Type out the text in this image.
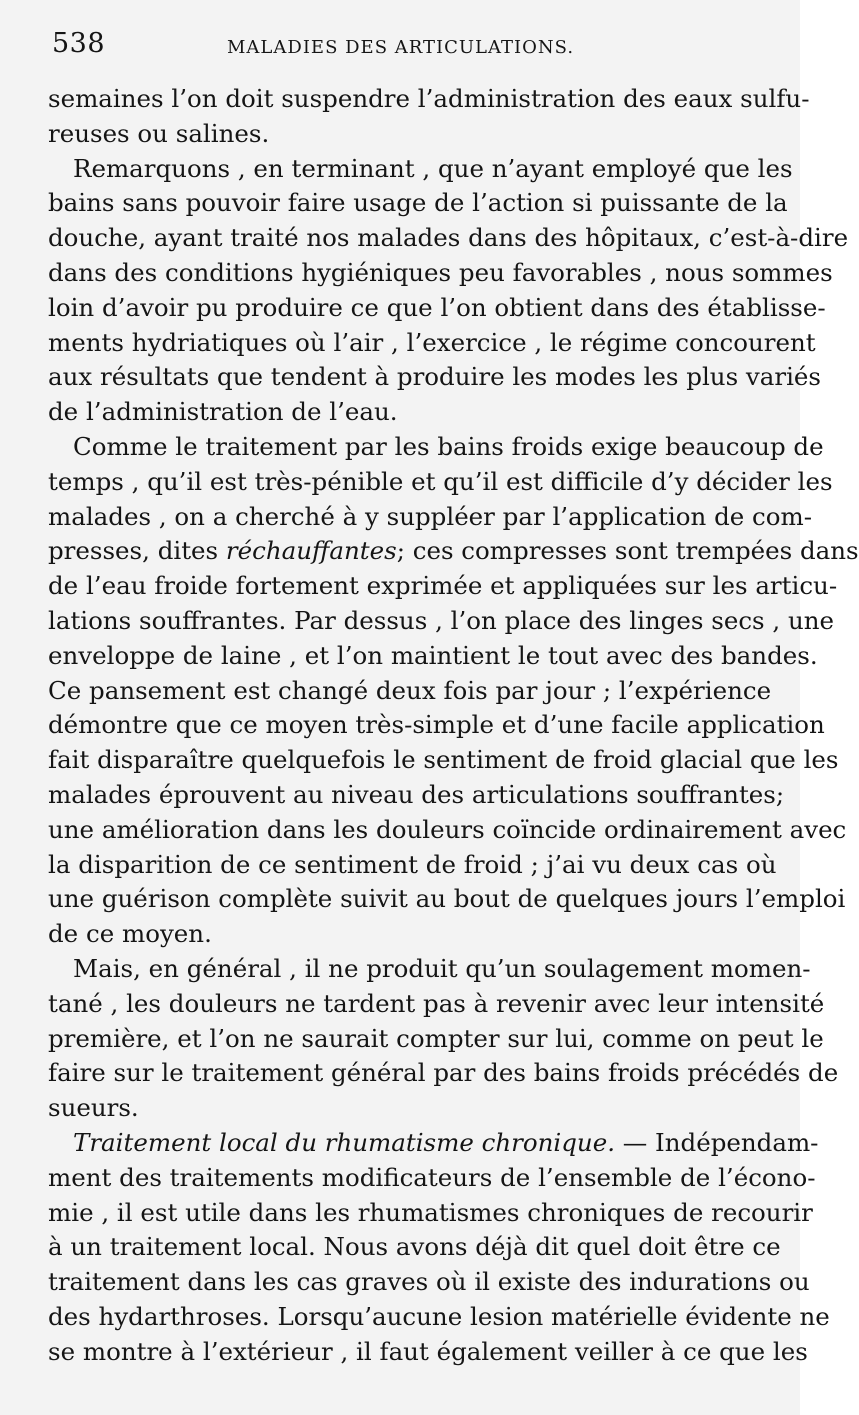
538	MALADIES DES ARTICULATIONS.
semaines l’on doit suspendre l’administration des eaux sulfu-
reuses ou salines.
Remarquons , en terminant , que n’ayant employé que les
bains sans pouvoir faire usage de l’action si puissante de la
douche, ayant traité nos malades dans des hôpitaux, c’est-à-dire
dans des conditions hygiéniques peu favorables , nous sommes
loin d’avoir pu produire ce que l’on obtient dans des établisse-
ments hydriatiques où l’air , l’exercice , le régime concourent
aux résultats que tendent à produire les modes les plus variés
de l’administration de l’eau.
Comme le traitement par les bains froids exige beaucoup de
temps , qu’il est très-pénible et qu’il est difficile d’y décider les
malades , on a cherché à y suppléer par l’application de com-
presses, dites réchauffantes; ces compresses sont trempées dans
de l’eau froide fortement exprimée et appliquées sur les articu-
lations souffrantes. Par dessus , l’on place des linges secs , une
enveloppe de laine , et l’on maintient le tout avec des bandes.
Ce pansement est changé deux fois par jour ; l’expérience
démontre que ce moyen très-simple et d’une facile application
fait disparaître quelquefois le sentiment de froid glacial que les
malades éprouvent au niveau des articulations souffrantes;
une amélioration dans les douleurs coïncide ordinairement avec
la disparition de ce sentiment de froid ; j’ai vu deux cas où
une guérison complète suivit au bout de quelques jours l’emploi
de ce moyen.
Mais, en général , il ne produit qu’un soulagement momen-
tané , les douleurs ne tardent pas à revenir avec leur intensité
première, et l’on ne saurait compter sur lui, comme on peut le
faire sur le traitement général par des bains froids précédés de
sueurs.
Traitement local du rhumatisme chronique. — Indépendam-
ment des traitements modificateurs de l’ensemble de l’écono-
mie , il est utile dans les rhumatismes chroniques de recourir
à un traitement local. Nous avons déjà dit quel doit être ce
traitement dans les cas graves où il existe des indurations ou
des hydarthroses. Lorsqu’aucune lesion matérielle évidente ne
se montre à l’extérieur , il faut également veiller à ce que les
